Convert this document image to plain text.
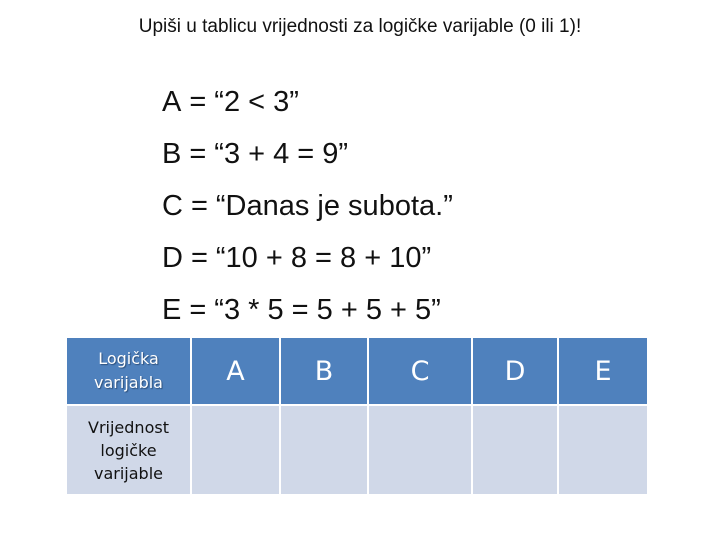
Upiši u tablicu vrijednosti za logičke varijable (0 ili 1)!
A = “2 < 3”
B = “3 + 4 = 9”
C = “Danas je subota.”
D = “10 + 8 = 8 + 10”
E = “3 * 5 = 5 + 5 + 5”
Logička
varijabla	A	B	C	D	E

Vrijednost
logičke
varijable					
